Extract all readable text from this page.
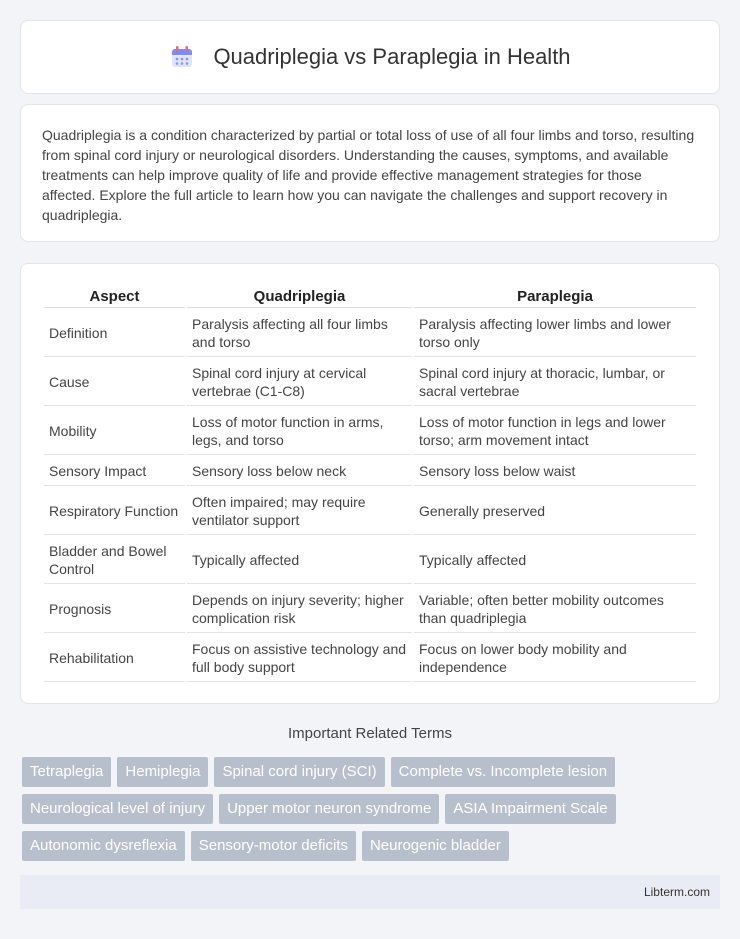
Quadriplegia vs Paraplegia in Health

Quadriplegia is a condition characterized by partial or total loss of use of all four limbs and torso, resulting from spinal cord injury or neurological disorders. Understanding the causes, symptoms, and available treatments can help improve quality of life and provide effective management strategies for those affected. Explore the full article to learn how you can navigate the challenges and support recovery in quadriplegia.

Aspect	Quadriplegia	Paraplegia
Definition	Paralysis affecting all four limbs and torso	Paralysis affecting lower limbs and lower torso only
Cause	Spinal cord injury at cervical vertebrae (C1-C8)	Spinal cord injury at thoracic, lumbar, or sacral vertebrae
Mobility	Loss of motor function in arms, legs, and torso	Loss of motor function in legs and lower torso; arm movement intact
Sensory Impact	Sensory loss below neck	Sensory loss below waist
Respiratory Function	Often impaired; may require ventilator support	Generally preserved
Bladder and Bowel Control	Typically affected	Typically affected
Prognosis	Depends on injury severity; higher complication risk	Variable; often better mobility outcomes than quadriplegia
Rehabilitation	Focus on assistive technology and full body support	Focus on lower body mobility and independence
Important Related Terms
Tetraplegia	Hemiplegia	Spinal cord injury (SCI)	Complete vs. Incomplete lesion
Neurological level of injury	Upper motor neuron syndrome	ASIA Impairment Scale
Autonomic dysreflexia	Sensory-motor deficits	Neurogenic bladder
Libterm.com
